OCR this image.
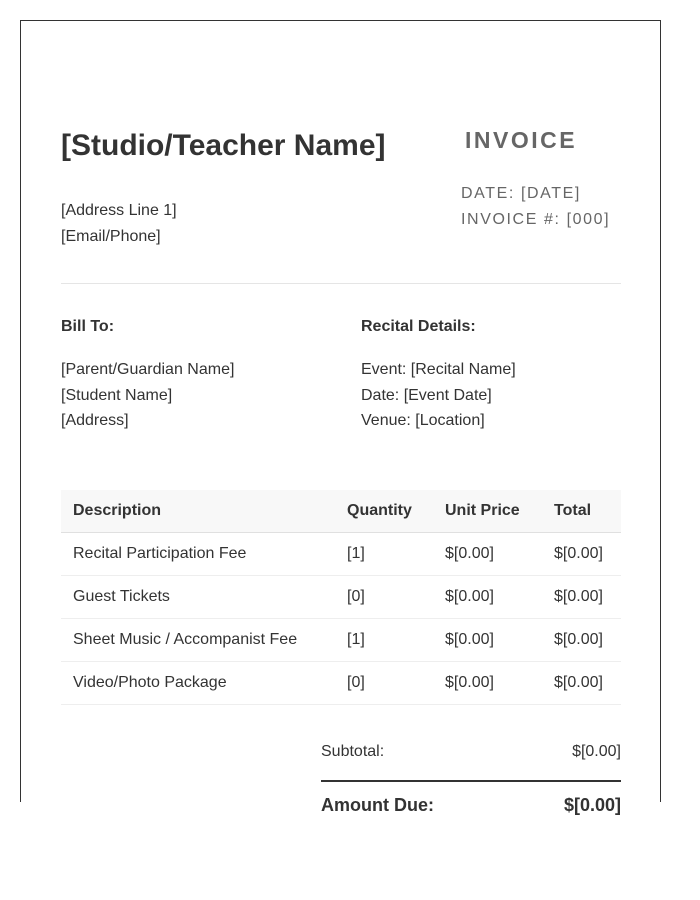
[Studio/Teacher Name]
[Address Line 1]
[Email/Phone]
INVOICE
DATE: [DATE]
INVOICE #: [000]
Bill To:
[Parent/Guardian Name]
[Student Name]
[Address]
Recital Details:
Event: [Recital Name]
Date: [Event Date]
Venue: [Location]
Description	Quantity	Unit Price	Total
Recital Participation Fee	[1]	$[0.00]	$[0.00]
Guest Tickets	[0]	$[0.00]	$[0.00]
Sheet Music / Accompanist Fee	[1]	$[0.00]	$[0.00]
Video/Photo Package	[0]	$[0.00]	$[0.00]
Subtotal:	$[0.00]
Amount Due:	$[0.00]
